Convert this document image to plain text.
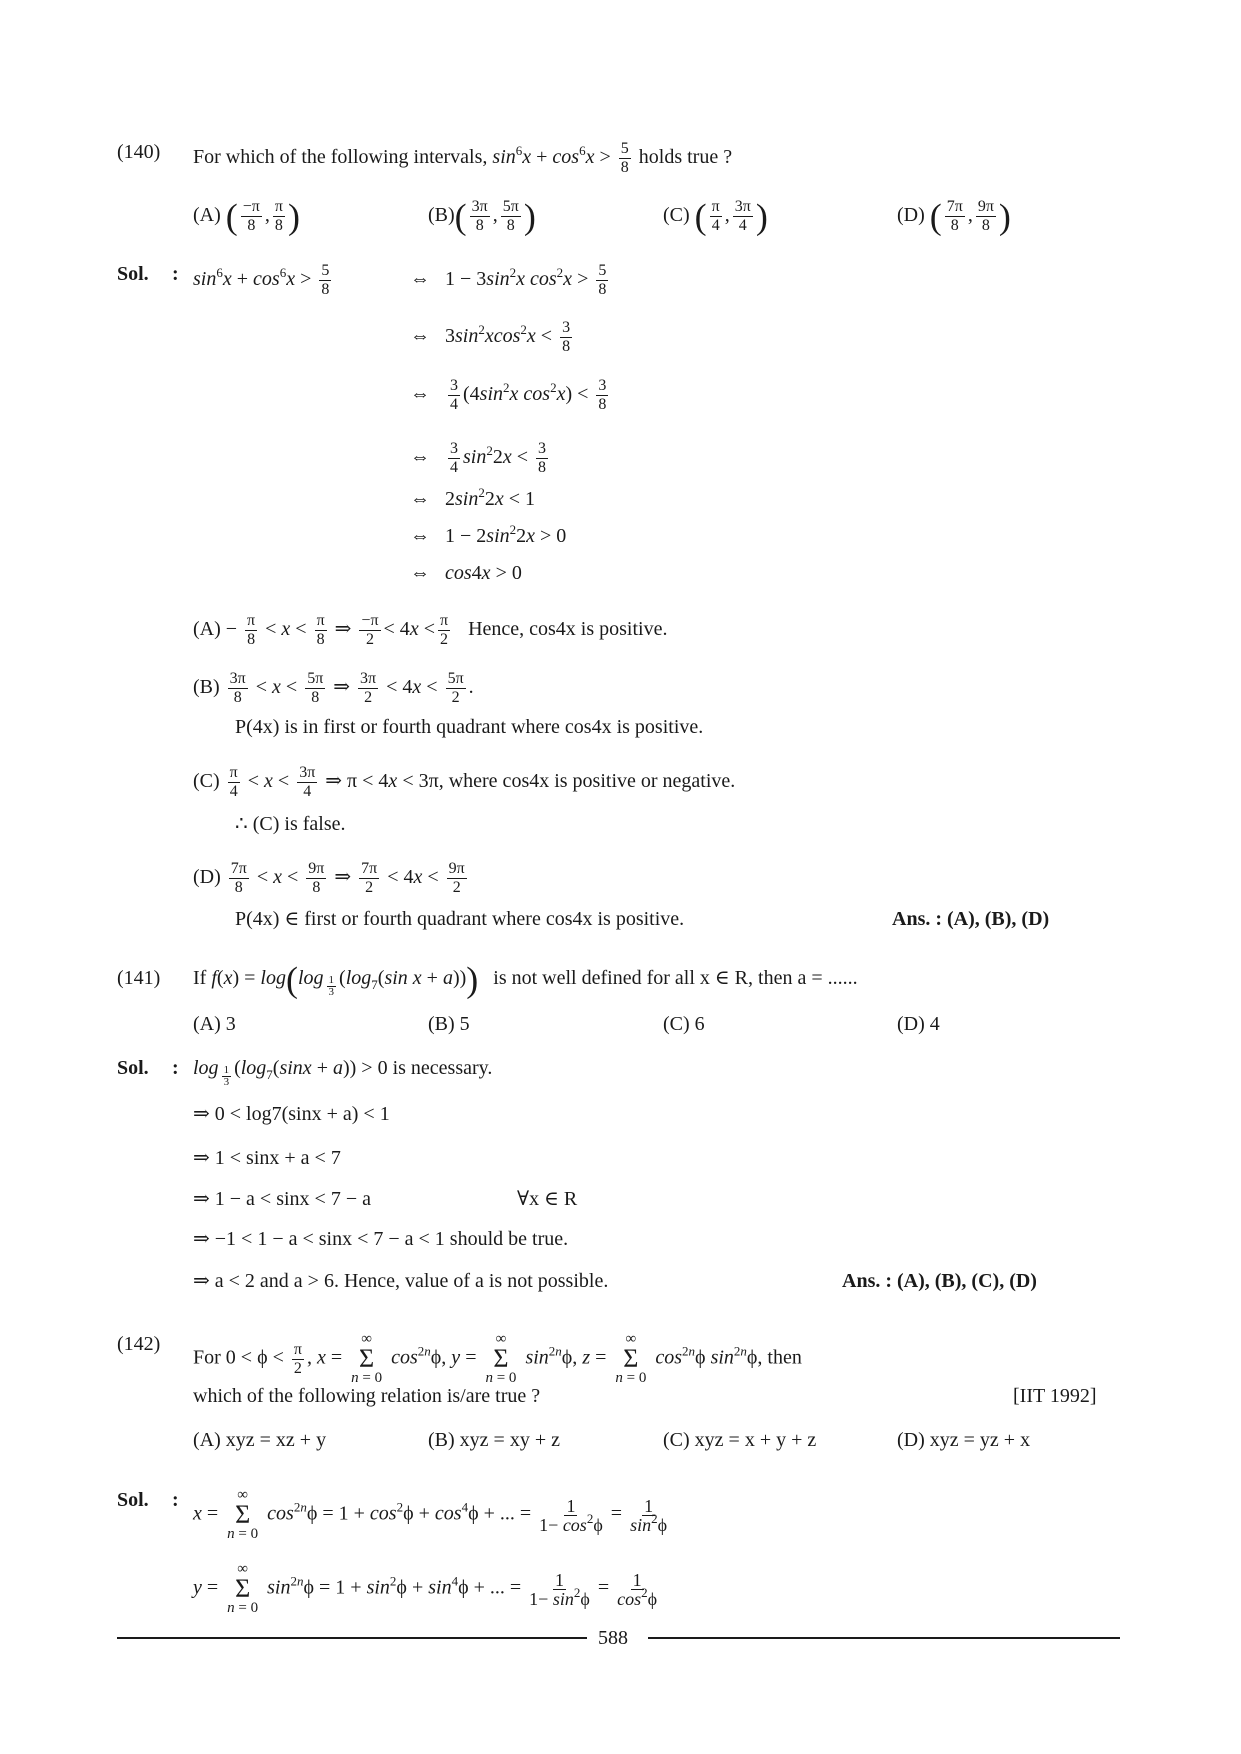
(140) For which of the following intervals, $\sin^6x + \cos^6x > \frac{5}{8}$ holds true ?
(A) ( $\frac{-\pi}{8}$ , $\frac{\pi}{8}$ )	$(B)( \frac{3\pi}{8}$ , $\frac{5\pi}{8}$ )	(C) ( $\frac{\pi}{4}$ , $\frac{3\pi}{4}$ )	(D) ( $\frac{7\pi}{8}$ , $\frac{9\pi}{8}$ )
Sol. : $\sin^6x + \cos^6x > \frac{5}{8}$	⇔ $1 - 3\sin^2x$ $\cos^2x > \frac{5}{8}$
⇔ $3\sin^2xcos^2x < \frac{3}{8}$
⇔ $\frac{3}{4} (4\sin^2x$ $\cos^2x) < \frac{3}{8}$
⇔ $\frac{3}{4} \sin^22x < \frac{3}{8}$
⇔ $2\sin^22x < 1$
⇔ $1 - 2\sin^22x > 0$
⇔ cos4x > 0
$(A) - \frac{\pi}{8} < x < \frac{\pi}{8}$ ⇒ $\frac{-\pi}{2} < 4x < \frac{\pi}{2}$ Hence, cos4x is positive.
$(B) \frac{3\pi}{8} < x < \frac{5\pi}{8}$ ⇒ $\frac{3\pi}{2} < 4x < \frac{5\pi}{2}$ .
P(4x) is in first or fourth quadrant where cos4x is positive.
$(C) \frac{\pi}{4} < x < \frac{3\pi}{4}$ ⇒ π < 4x < 3π, where cos4x is positive or negative.
∴ (C) is false.
$(D) \frac{7\pi}{8} < x < \frac{9\pi}{8}$ ⇒ $\frac{7\pi}{2} < 4x < \frac{9\pi}{2}$
P(4x) ∈ first or fourth quadrant where cos4x is positive.	Ans. : (A), (B), (D)
(141) If f(x) = log(log $_{\frac{1}{3}}$ ($\log_7(\sin$ x + a))) is not well defined for all x ∈ R, then a = ......
(A) 3	(B) 5	(C) 6	(D) 4
Sol. : log $_{\frac{1}{3}}$ $(\log_7(\sin x + a)) > 0$ is necessary.
⇒ 0 < log7(sinx + a) < 1
⇒ 1 < sinx + a < 7
⇒ 1 − a < sinx < 7 − a	∀x ∈ R
⇒ −1 < 1 − a < sinx < 7 − a < 1 should be true.
⇒ a < 2 and a > 6. Hence, value of a is not possible.	Ans. : (A), (B), (C), (D)
(142)
For $0 < \phi < \frac{\pi}{2}$ , x =
∞
Σ
n = 0
$\cos^{2n}\phi$, y =
∞
Σ
n = 0
$\sin^{2n}\phi$, z =
∞
Σ
n = 0
$\cos^{2n}\phi$ $\sin^{2n}\phi$, then
which of the following relation is/are true ?	[IIT 1992]
(A) xyz = xz + y	(B) xyz = xy + z	(C) xyz = x + y + z	(D) xyz = yz + x
Sol. :
x =
∞
Σ
n = 0
$\cos^{2n}\phi = 1 + \cos^2\phi + \cos^4\phi$ + ... = $\frac{1}{1- \cos^2\phi} = \frac{1}{\sin^2\phi}$
y =
∞
Σ
n = 0
$\sin^{2n}\phi = 1 + \sin^2\phi + \sin^4\phi$ + ... = $\frac{1}{1- \sin^2\phi} = \frac{1}{\cos^2\phi}$
588
